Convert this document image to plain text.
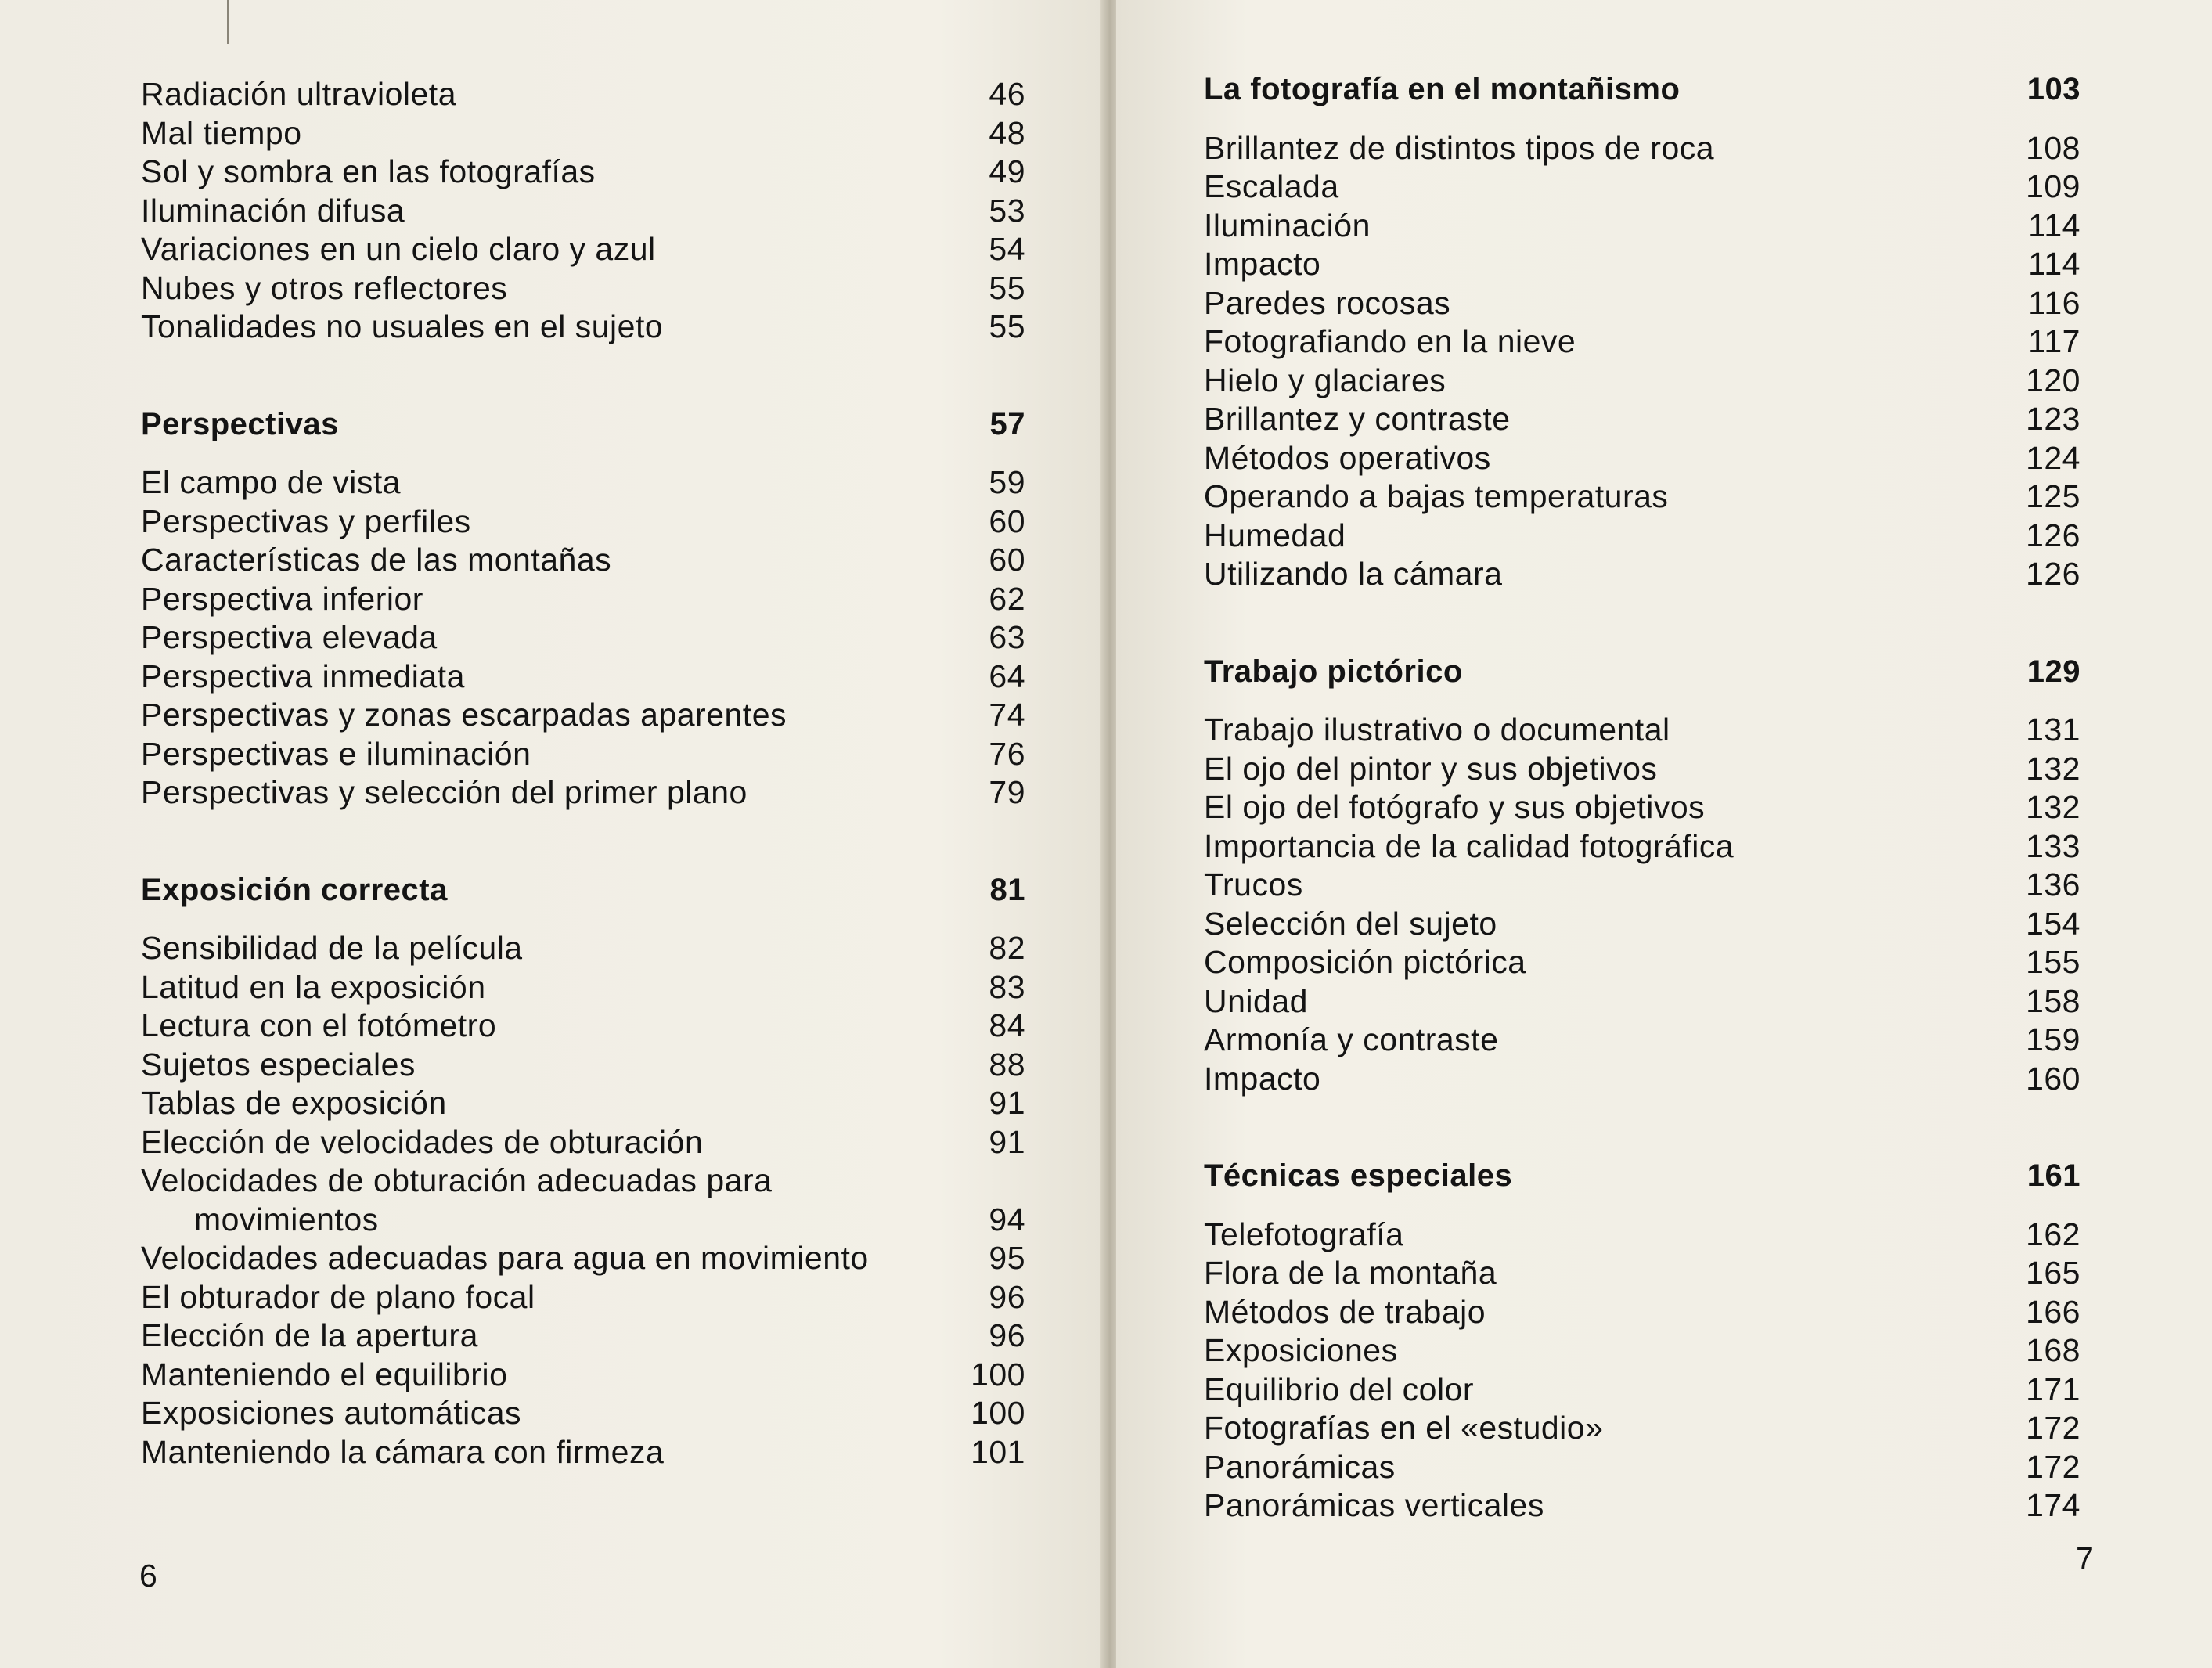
Radiación ultravioleta	46
Mal tiempo	48
Sol y sombra en las fotografías	49
Iluminación difusa	53
Variaciones en un cielo claro y azul	54
Nubes y otros reflectores	55
Tonalidades no usuales en el sujeto	55
Perspectivas	57
El campo de vista	59
Perspectivas y perfiles	60
Características de las montañas	60
Perspectiva inferior	62
Perspectiva elevada	63
Perspectiva inmediata	64
Perspectivas y zonas escarpadas aparentes	74
Perspectivas e iluminación	76
Perspectivas y selección del primer plano	79
Exposición correcta	81
Sensibilidad de la película	82
Latitud en la exposición	83
Lectura con el fotómetro	84
Sujetos especiales	88
Tablas de exposición	91
Elección de velocidades de obturación	91
Velocidades de obturación adecuadas para
movimientos	94
Velocidades adecuadas para agua en movimiento	95
El obturador de plano focal	96
Elección de la apertura	96
Manteniendo el equilibrio	100
Exposiciones automáticas	100
Manteniendo la cámara con firmeza	101
6
La fotografía en el montañismo	103
Brillantez de distintos tipos de roca	108
Escalada	109
Iluminación	114
Impacto	114
Paredes rocosas	116
Fotografiando en la nieve	117
Hielo y glaciares	120
Brillantez y contraste	123
Métodos operativos	124
Operando a bajas temperaturas	125
Humedad	126
Utilizando la cámara	126
Trabajo pictórico	129
Trabajo ilustrativo o documental	131
El ojo del pintor y sus objetivos	132
El ojo del fotógrafo y sus objetivos	132
Importancia de la calidad fotográfica	133
Trucos	136
Selección del sujeto	154
Composición pictórica	155
Unidad	158
Armonía y contraste	159
Impacto	160
Técnicas especiales	161
Telefotografía	162
Flora de la montaña	165
Métodos de trabajo	166
Exposiciones	168
Equilibrio del color	171
Fotografías en el «estudio»	172
Panorámicas	172
Panorámicas verticales	174
7
